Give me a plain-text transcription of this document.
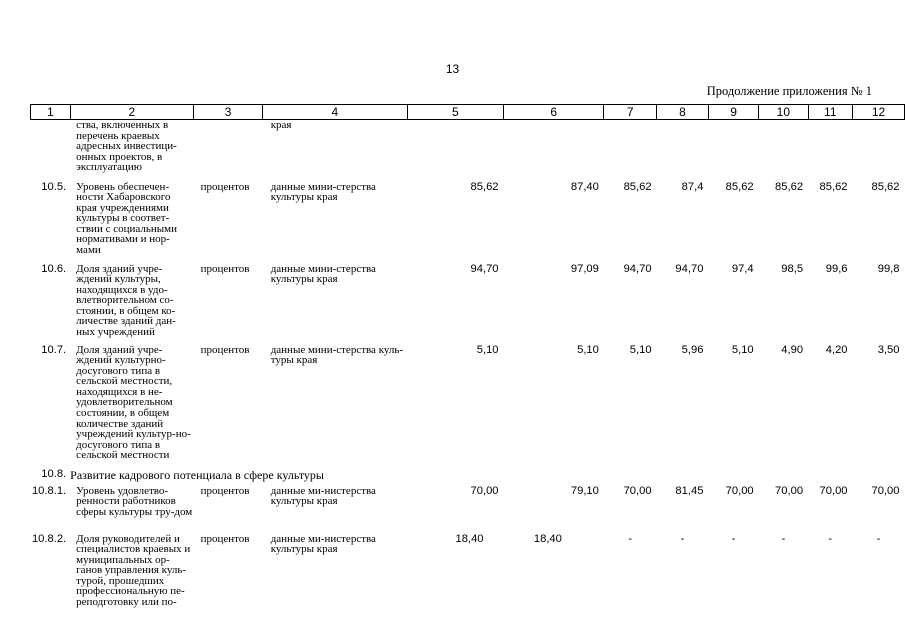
13
Продолжение приложения № 1
1	2	3	4	5	6	7	8	9	10	11	12
	ства, включенных в перечень краевых адресных инвестици-онных проектов, в эксплуатацию		края								
10.5.	Уровень обеспечен-ности Хабаровского края учреждениями культуры в соответ-ствии с социальными нормативами и нор-мами	процентов	данные мини-стерства культуры края	85,62	87,40	85,62	87,4	85,62	85,62	85,62	85,62
10.6.	Доля зданий учре-ждений культуры, находящихся в удо-влетворительном со-стоянии, в общем ко-личестве зданий дан-ных учреждений	процентов	данные мини-стерства культуры края	94,70	97,09	94,70	94,70	97,4	98,5	99,6	99,8
10.7.	Доля зданий учре-ждений культурно-досугового типа в сельской местности, находящихся в не-удовлетворительном состоянии, в общем количестве зданий учреждений культур-но-досугового типа в сельской местности	процентов	данные мини-стерства куль-туры края	5,10	5,10	5,10	5,96	5,10	4,90	4,20	3,50
10.8.	Развитие кадрового потенциала в сфере культуры										
10.8.1.	Уровень удовлетво-ренности работников сферы культуры тру-дом	процентов	данные ми-нистерства культуры края	70,00	79,10	70,00	81,45	70,00	70,00	70,00	70,00
10.8.2.	Доля руководителей и специалистов краевых и муниципальных ор-ганов управления куль-турой, прошедших профессиональную пе-реподготовку или по-	процентов	данные ми-нистерства культуры края	18,40	18,40	-	-	-	-	-	-
